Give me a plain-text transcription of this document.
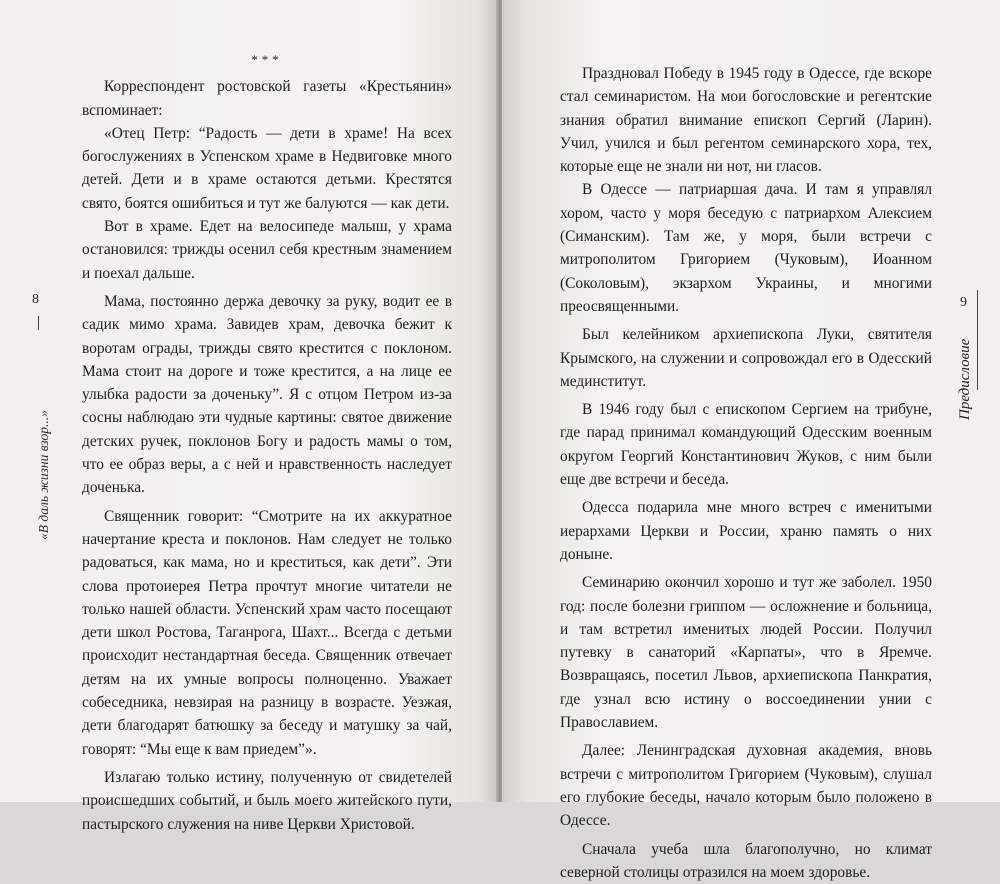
8
«В даль жизни взор...»
***

Корреспондент ростовской газеты «Крестьянин» вспоминает:

«Отец Петр: “Радость — дети в храме! На всех богослужениях в Успенском храме в Недвиговке много детей. Дети и в храме остаются детьми. Крестятся свято, боятся ошибиться и тут же балуются — как дети.

Вот в храме. Едет на велосипеде малыш, у храма остановился: трижды осенил себя крестным знамением и поехал дальше.

Мама, постоянно держа девочку за руку, водит ее в садик мимо храма. Завидев храм, девочка бежит к воротам ограды, трижды свято крестится с поклоном. Мама стоит на дороге и тоже крестится, а на лице ее улыбка радости за доченьку”. Я с отцом Петром из-за сосны наблюдаю эти чудные картины: святое движение детских ручек, поклонов Богу и радость мамы о том, что ее образ веры, а с ней и нравственность наследует доченька.

Священник говорит: “Смотрите на их аккуратное начертание креста и поклонов. Нам следует не только радоваться, как мама, но и креститься, как дети”. Эти слова протоиерея Петра прочтут многие читатели не только нашей области. Успенский храм часто посещают дети школ Ростова, Таганрога, Шахт... Всегда с детьми происходит нестандартная беседа. Священник отвечает детям на их умные вопросы полноценно. Уважает собеседника, невзирая на разницу в возрасте. Уезжая, дети благодарят батюшку за беседу и матушку за чай, говорят: “Мы еще к вам приедем”».

Излагаю только истину, полученную от свидетелей происшедших событий, и быль моего житейского пути, пастырского служения на ниве Церкви Христовой.

Праздновал Победу в 1945 году в Одессе, где вскоре стал семинаристом. На мои богословские и регентские знания обратил внимание епископ Сергий (Ларин). Учил, учился и был регентом семинарского хора, тех, которые еще не знали ни нот, ни гласов.

В Одессе — патриаршая дача. И там я управлял хором, часто у моря беседую с патриархом Алексием (Симанским). Там же, у моря, были встречи с митрополитом Григорием (Чуковым), Иоанном (Соколовым), экзархом Украины, и многими преосвященными.

Был келейником архиепископа Луки, святителя Крымского, на служении и сопровождал его в Одесский мединститут.

В 1946 году был с епископом Сергием на трибуне, где парад принимал командующий Одесским военным округом Георгий Константинович Жуков, с ним были еще две встречи и беседа.

Одесса подарила мне много встреч с именитыми иерархами Церкви и России, храню память о них доныне.

Семинарию окончил хорошо и тут же заболел. 1950 год: после болезни гриппом — осложнение и больница, и там встретил именитых людей России. Получил путевку в санаторий «Карпаты», что в Яремче. Возвращаясь, посетил Львов, архиепископа Панкратия, где узнал всю истину о воссоединении унии с Православием.

Далее: Ленинградская духовная академия, вновь встречи с митрополитом Григорием (Чуковым), слушал его глубокие беседы, начало которым было положено в Одессе.

Сначала учеба шла благополучно, но климат северной столицы отразился на моем здоровье.

9
Предисловие
